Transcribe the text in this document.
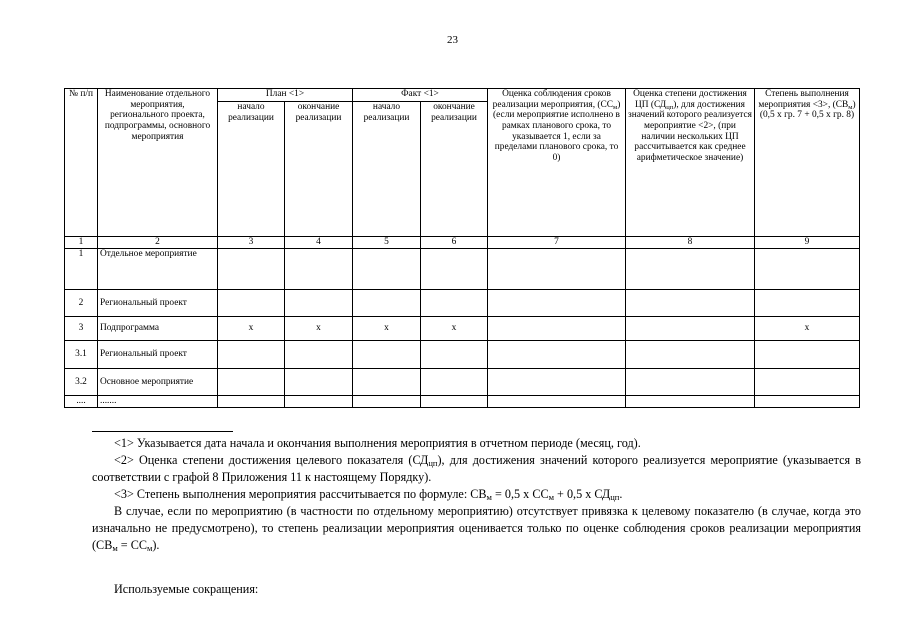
23
№ п/п	Наименование отдельного мероприятия, регионального проекта, подпрограммы, основного мероприятия	План <1>		Факт <1>		Оценка соблюдения сроков реализации мероприятия, $(СС_м)$ (если мероприятие исполнено в рамках планового срока, то указывается 1, если за пределами планового срока, то 0)	Оценка степени достижения ЦП $(СД_{цп})$, для достижения значений которого реализуется мероприятие <2>, (при наличии нескольких ЦП рассчитывается как среднее арифметическое значение)	Степень выполнения мероприятия <3>, $(СВ_м)$ (0,5 x гр. 7 + 0,5 x гр. 8)
		начало реализации	окончание реализации	начало реализации	окончание реализации			
1	2	3	4	5	6	7	8	9
1	Отдельное мероприятие							
2	Региональный проект							
3	Подпрограмма	x	x	x	x			x
3.1	Региональный проект							
3.2	Основное мероприятие							
....	.......							

<1> Указывается дата начала и окончания выполнения мероприятия в отчетном периоде (месяц, год).

<2> Оценка степени достижения целевого показателя $(СД_{цп})$, для достижения значений которого реализуется мероприятие (указывается в соответствии с графой 8 Приложения 11 к настоящему Порядку).

<3> Степень выполнения мероприятия рассчитывается по формуле: $СВ_м = 0,5$ х $СС_м + 0,5$ х $СД_{цп}$.

В случае, если по мероприятию (в частности по отдельному мероприятию) отсутствует привязка к целевому показателю (в случае, когда это изначально не предусмотрено), то степень реализации мероприятия оценивается только по оценке соблюдения сроков реализации мероприятия $(СВ_м = СС_м)$.

Используемые сокращения:
